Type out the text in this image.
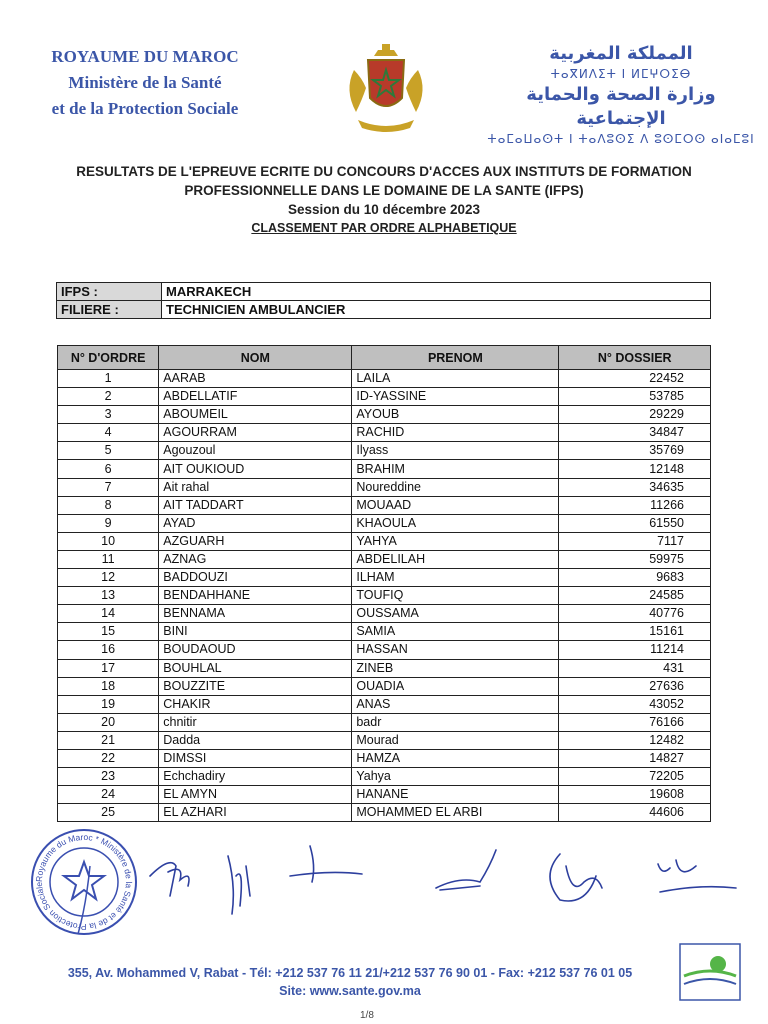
ROYAUME DU MAROC
Ministère de la Santé
et de la Protection Sociale
المملكة المغربية
ⵜⴰⴳⵍⴷⵉⵜ ⵏ ⵍⵎⵖⵔⵉⴱ
وزارة الصحة والحماية الإجتماعية
ⵜⴰⵎⴰⵡⴰⵙⵜ ⵏ ⵜⴰⴷⵓⵙⵉ ⴷ ⵓⵙⵎⵔⵙ ⴰⵏⴰⵎⵓⵏ
RESULTATS DE L'EPREUVE ECRITE DU CONCOURS D'ACCES AUX INSTITUTS DE FORMATION
PROFESSIONNELLE DANS LE DOMAINE DE LA SANTE (IFPS)
Session du 10 décembre 2023
CLASSEMENT PAR ORDRE ALPHABETIQUE
IFPS :	MARRAKECH
FILIERE :	TECHNICIEN AMBULANCIER
N° D'ORDRE	NOM	PRENOM	N° DOSSIER
1	AARAB	LAILA	22452
2	ABDELLATIF	ID-YASSINE	53785
3	ABOUMEIL	AYOUB	29229
4	AGOURRAM	RACHID	34847
5	Agouzoul	Ilyass	35769
6	AIT OUKIOUD	BRAHIM	12148
7	Ait rahal	Noureddine	34635
8	AIT TADDART	MOUAAD	11266
9	AYAD	KHAOULA	61550
10	AZGUARH	YAHYA	7117
11	AZNAG	ABDELILAH	59975
12	BADDOUZI	ILHAM	9683
13	BENDAHHANE	TOUFIQ	24585
14	BENNAMA	OUSSAMA	40776
15	BINI	SAMIA	15161
16	BOUDAOUD	HASSAN	11214
17	BOUHLAL	ZINEB	431
18	BOUZZITE	OUADIA	27636
19	CHAKIR	ANAS	43052
20	chnitir	badr	76166
21	Dadda	Mourad	12482
22	DIMSSI	HAMZA	14827
23	Echchadiry	Yahya	72205
24	EL AMYN	HANANE	19608
25	EL AZHARI	MOHAMMED EL ARBI	44606
Royaume du Maroc * Ministère de la Santé et de la Protection Sociale
355, Av. Mohammed V, Rabat - Tél: +212 537 76 11 21/+212 537 76 90 01 - Fax: +212 537 76 01 05
Site: www.sante.gov.ma
1/8
